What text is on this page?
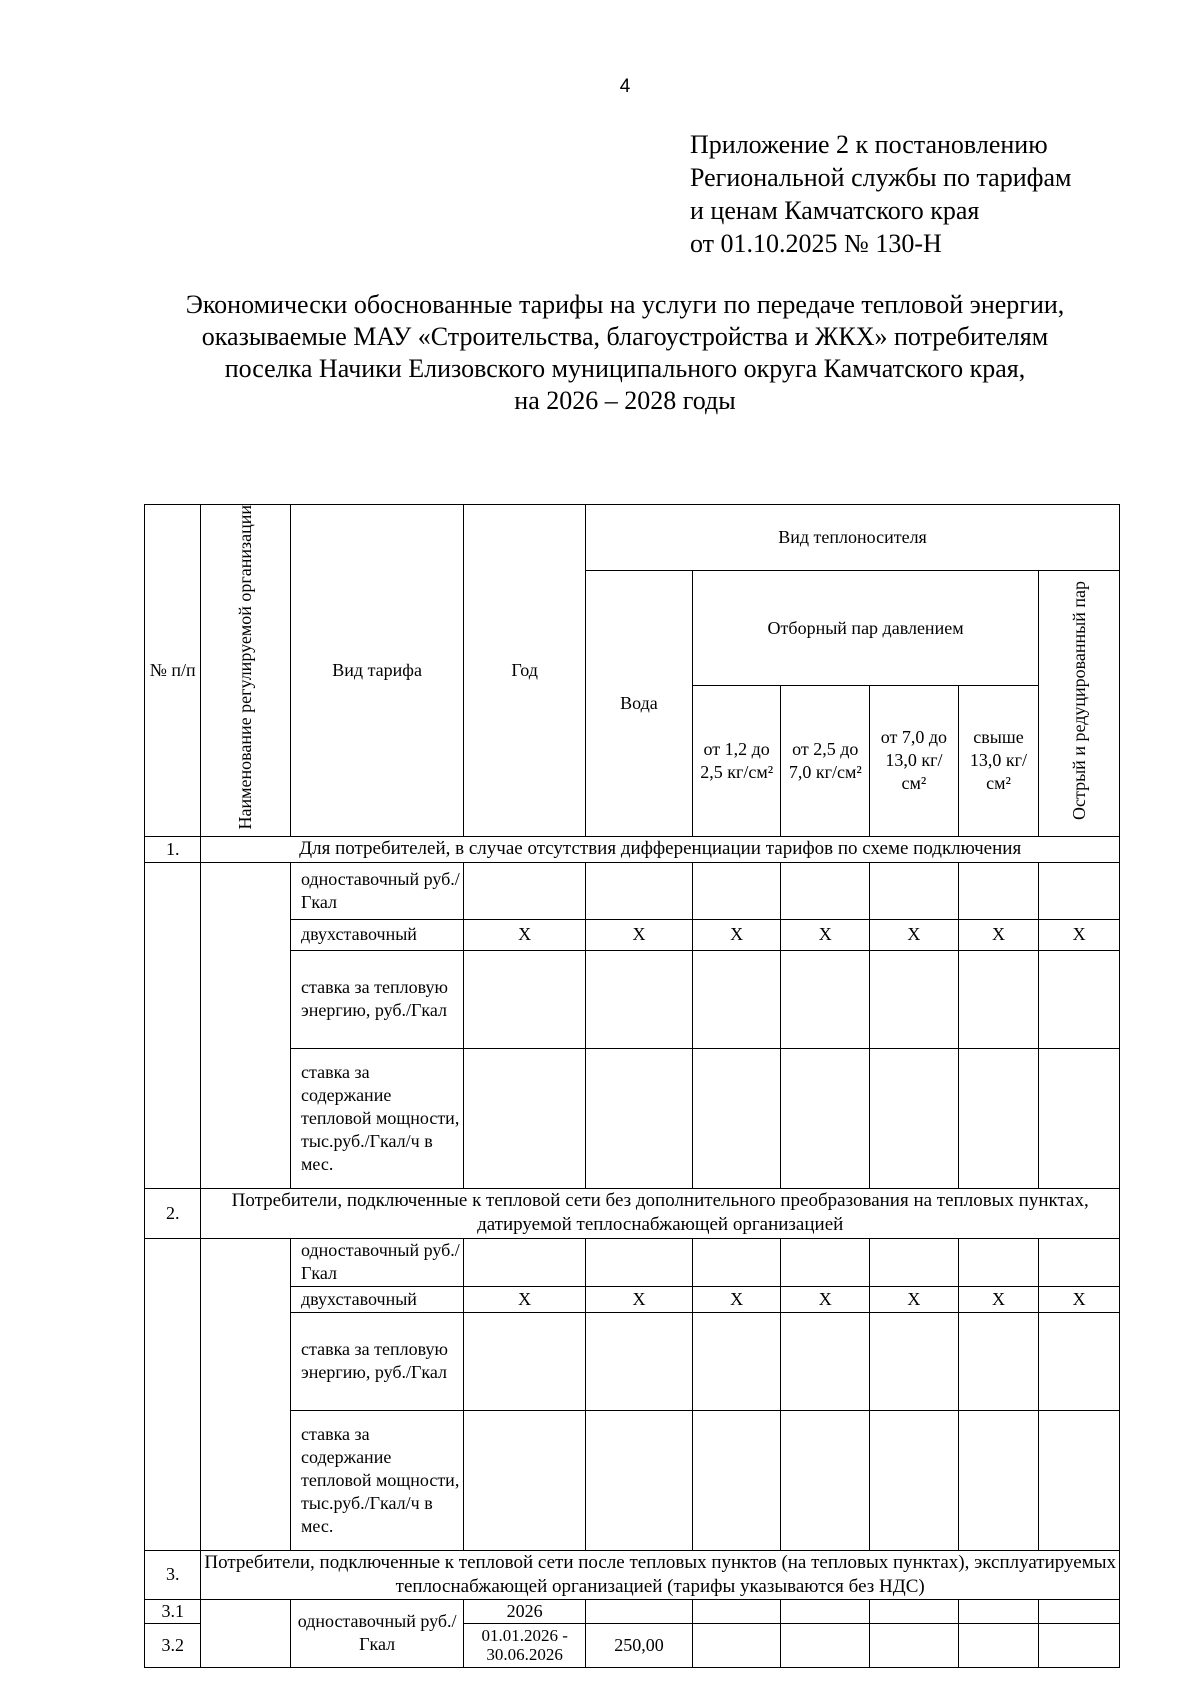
4
Приложение 2 к постановлению
Региональной службы по тарифам
и ценам Камчатского края
от 01.10.2025 № 130-Н
Экономически обоснованные тарифы на услуги по передаче тепловой энергии,
оказываемые МАУ «Строительства, благоустройства и ЖКХ» потребителям
поселка Начики Елизовского муниципального округа Камчатского края,
на 2026 – 2028 годы
№ п/п	Наименование регулируемой организации	Вид тарифа	Год	Вид теплоносителя					
				Вода	Отборный пар давлением				Острый и редуцированный пар
					от 1,2 до 2,5 кг/см²	от 2,5 до 7,0 кг/см²	от 7,0 до 13,0 кг/см²	свыше 13,0 кг/см²	
1.	Для потребителей, в случае отсутствия дифференциации тарифов по схеме подключения								
		одноставочный руб./Гкал							
		двухставочный	Х	Х	Х	Х	Х	Х	Х
		ставка за тепловую энергию, руб./Гкал							
		ставка за содержание тепловой мощности, тыс.руб./Гкал/ч в мес.							
2.	Потребители, подключенные к тепловой сети без дополнительного преобразования на тепловых пунктах, датируемой теплоснабжающей организацией								
		одноставочный руб./Гкал							
		двухставочный	Х	Х	Х	Х	Х	Х	Х
		ставка за тепловую энергию, руб./Гкал							
		ставка за содержание тепловой мощности, тыс.руб./Гкал/ч в мес.							
3.	Потребители, подключенные к тепловой сети после тепловых пунктов (на тепловых пунктах), эксплуатируемых теплоснабжающей организацией (тарифы указываются без НДС)								
3.1		одноставочный руб./Гкал	2026						
3.2			01.01.2026 - 30.06.2026	250,00					
